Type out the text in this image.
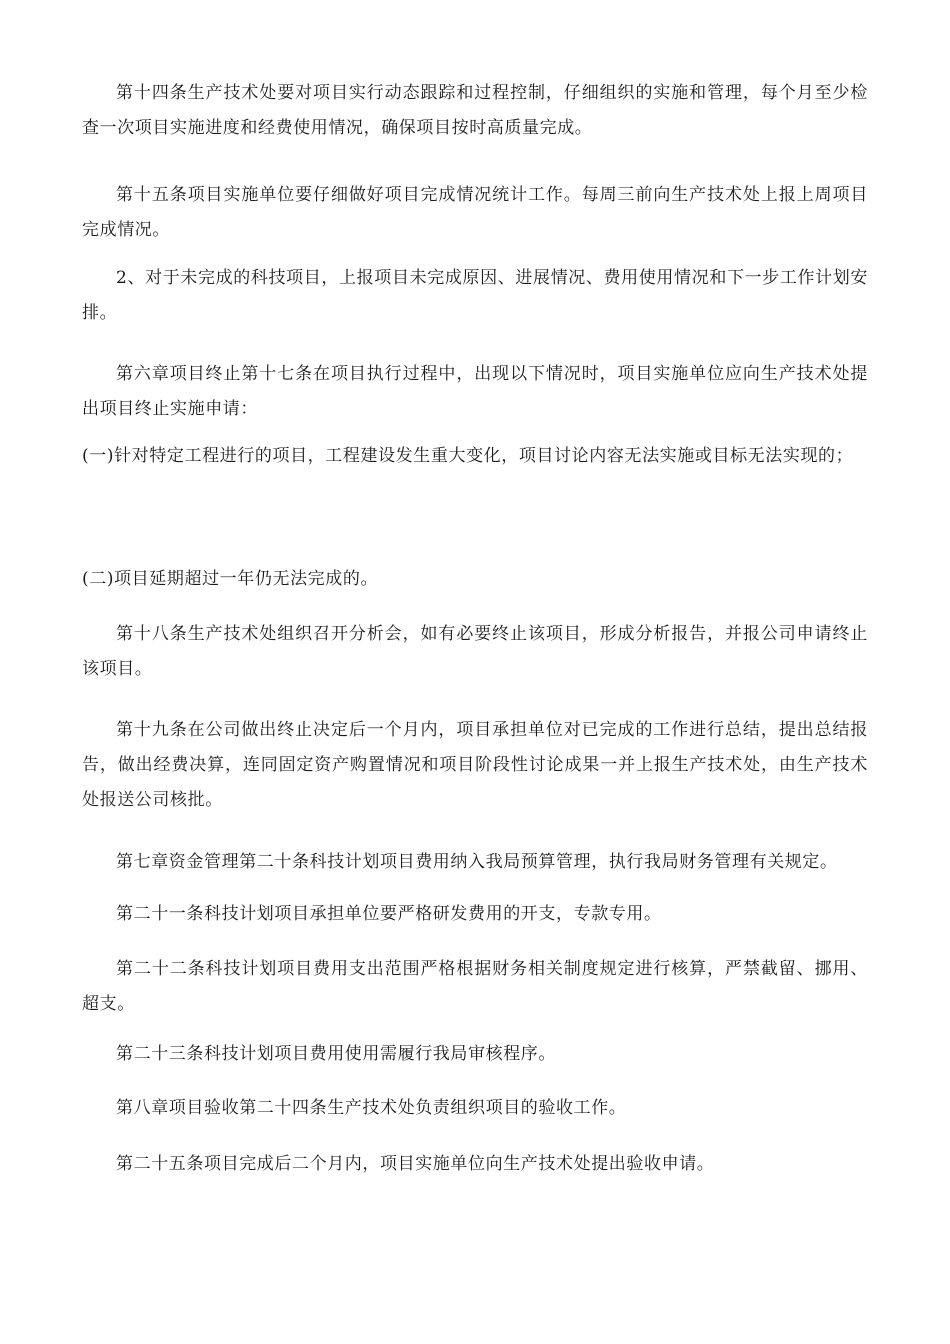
第十四条生产技术处要对项目实行动态跟踪和过程控制，仔细组织的实施和管理，每个月至少检查一次项目实施进度和经费使用情况，确保项目按时高质量完成。

第十五条项目实施单位要仔细做好项目完成情况统计工作。每周三前向生产技术处上报上周项目完成情况。

2、对于未完成的科技项目，上报项目未完成原因、进展情况、费用使用情况和下一步工作计划安排。

第六章项目终止第十七条在项目执行过程中，出现以下情况时，项目实施单位应向生产技术处提出项目终止实施申请：

(一)针对特定工程进行的项目，工程建设发生重大变化，项目讨论内容无法实施或目标无法实现的；

(二)项目延期超过一年仍无法完成的。

第十八条生产技术处组织召开分析会，如有必要终止该项目，形成分析报告，并报公司申请终止该项目。

第十九条在公司做出终止决定后一个月内，项目承担单位对已完成的工作进行总结，提出总结报告，做出经费决算，连同固定资产购置情况和项目阶段性讨论成果一并上报生产技术处，由生产技术处报送公司核批。

第七章资金管理第二十条科技计划项目费用纳入我局预算管理，执行我局财务管理有关规定。

第二十一条科技计划项目承担单位要严格研发费用的开支，专款专用。

第二十二条科技计划项目费用支出范围严格根据财务相关制度规定进行核算，严禁截留、挪用、超支。

第二十三条科技计划项目费用使用需履行我局审核程序。

第八章项目验收第二十四条生产技术处负责组织项目的验收工作。

第二十五条项目完成后二个月内，项目实施单位向生产技术处提出验收申请。
